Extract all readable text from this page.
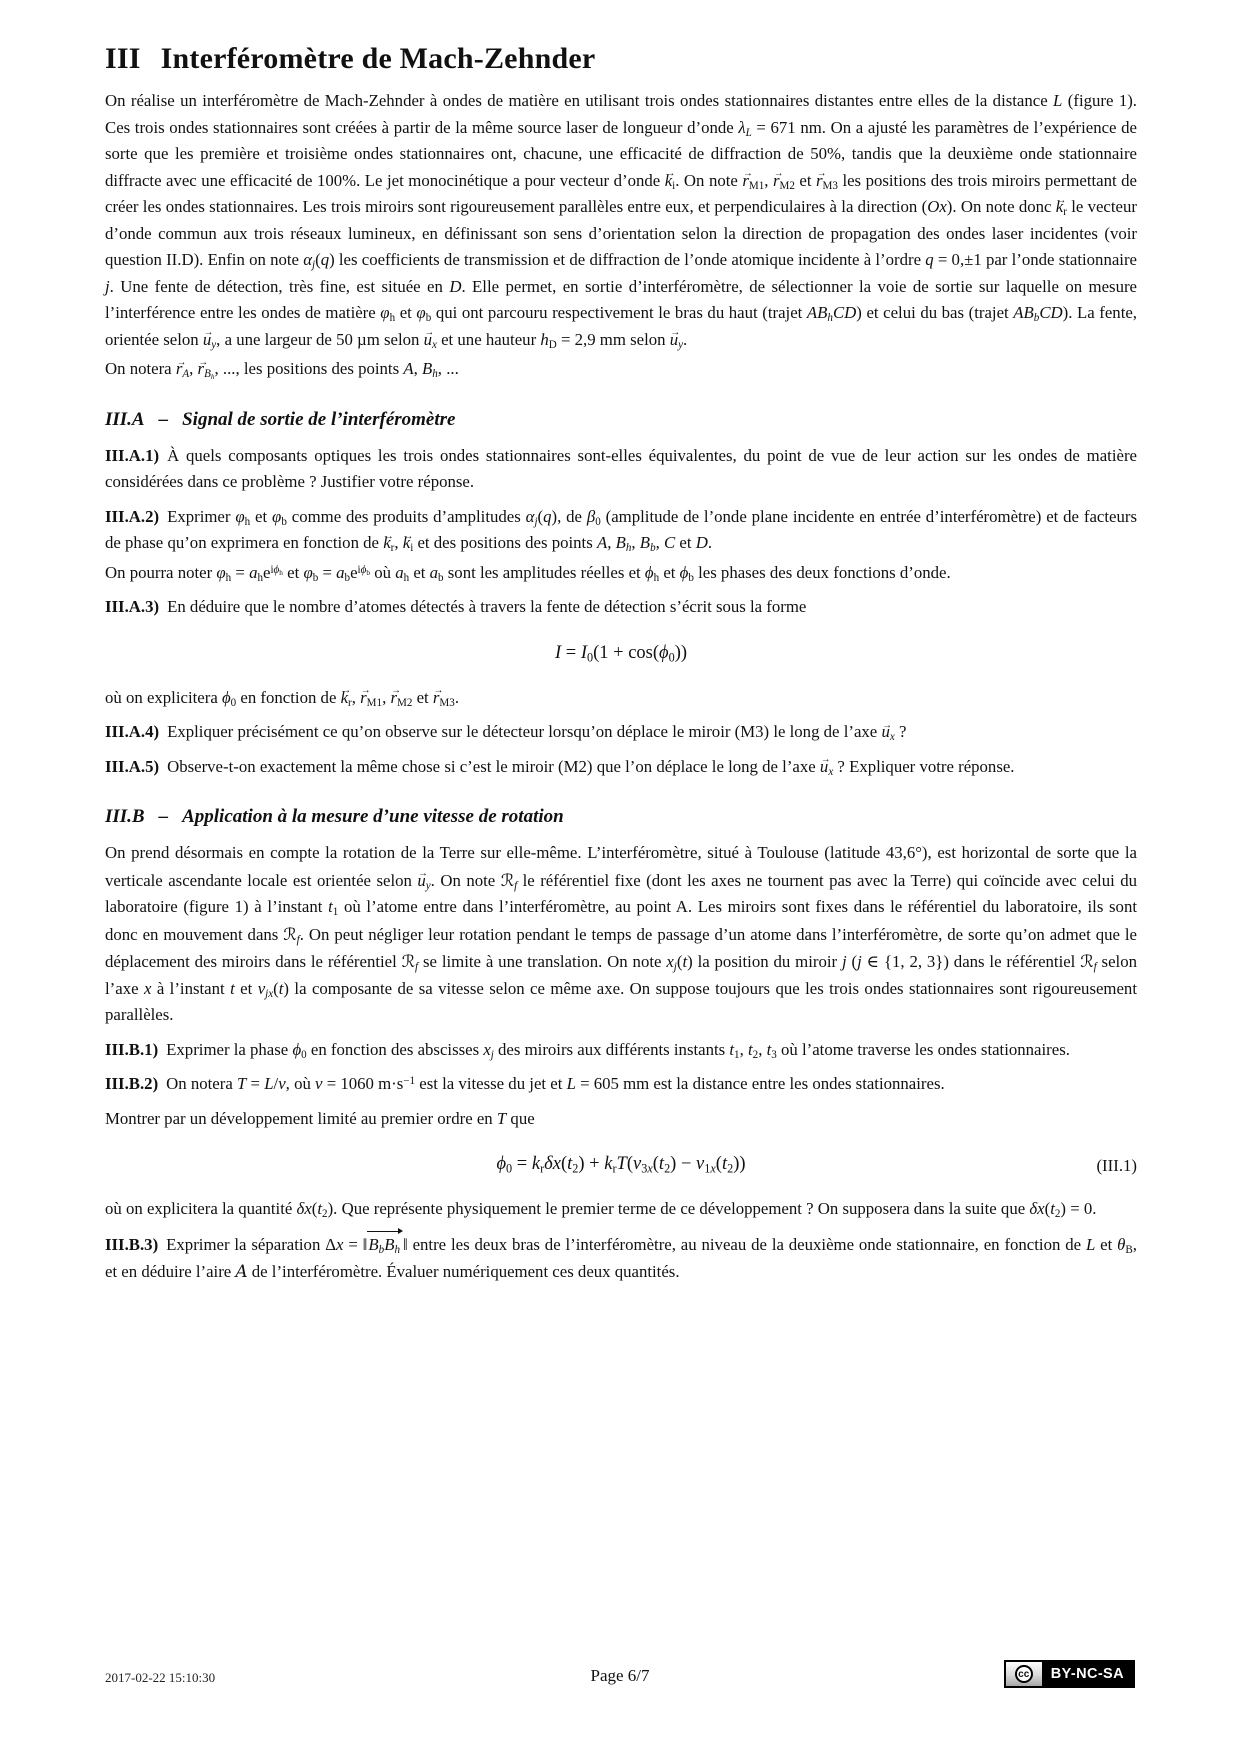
III Interféromètre de Mach-Zehnder

On réalise un interféromètre de Mach-Zehnder à ondes de matière en utilisant trois ondes stationnaires distantes entre elles de la distance L (figure 1). Ces trois ondes stationnaires sont créées à partir de la même source laser de longueur d’onde $\lambda_L = 671$ nm. On a ajusté les paramètres de l’expérience de sorte que les première et troisième ondes stationnaires ont, chacune, une efficacité de diffraction de 50%, tandis que la deuxième onde stationnaire diffracte avec une efficacité de 100%. Le jet monocinétique a pour vecteur d’onde → $k_i$. On note → $r_{M1}$, → $r_{M2}$ et → $r_{M3}$ les positions des trois miroirs permettant de créer les ondes stationnaires. Les trois miroirs sont rigoureusement parallèles entre eux, et perpendiculaires à la direction (Ox). On note donc → $k_r$ le vecteur d’onde commun aux trois réseaux lumineux, en définissant son sens d’orientation selon la direction de propagation des ondes laser incidentes (voir question II.D). Enfin on note $\alpha_j(q)$ les coefficients de transmission et de diffraction de l’onde atomique incidente à l’ordre q = 0,±1 par l’onde stationnaire j. Une fente de détection, très fine, est située en D. Elle permet, en sortie d’interféromètre, de sélectionner la voie de sortie sur laquelle on mesure l’interférence entre les ondes de matière $\varphi_h$ et $\varphi_b$ qui ont parcouru respectivement le bras du haut (trajet $AB_hCD$) et celui du bas (trajet $AB_bCD$). La fente, orientée selon → $u_y$, a une largeur de 50 µm selon → $u_x$ et une hauteur $h_D = 2,9$ mm selon → $u_y$.

On notera → $r_A$, → $r_{B_h}$, ..., les positions des points A, $B_h$, ...

III.A – Signal de sortie de l’interféromètre

III.A.1) À quels composants optiques les trois ondes stationnaires sont-elles équivalentes, du point de vue de leur action sur les ondes de matière considérées dans ce problème ? Justifier votre réponse.

III.A.2) Exprimer $\varphi_h$ et $\varphi_b$ comme des produits d’amplitudes $\alpha_j(q)$, de $\beta_0$ (amplitude de l’onde plane incidente en entrée d’interféromètre) et de facteurs de phase qu’on exprimera en fonction de → $k_r$, → $k_i$ et des positions des points A, $B_h$, $B_b$, C et D.

On pourra noter $\varphi_h = a_he^{i\phi_h}$ et $\varphi_b = a_be^{i\phi_b}$ où $a_h$ et $a_b$ sont les amplitudes réelles et $\phi_h$ et $\phi_b$ les phases des deux fonctions d’onde.

III.A.3) En déduire que le nombre d’atomes détectés à travers la fente de détection s’écrit sous la forme

$I = I_0(1 + \cos(\phi_0))$

où on explicitera $\phi_0$ en fonction de → $k_r$, → $r_{M1}$, → $r_{M2}$ et → $r_{M3}$.

III.A.4) Expliquer précisément ce qu’on observe sur le détecteur lorsqu’on déplace le miroir (M3) le long de l’axe → $u_x$ ?

III.A.5) Observe-t-on exactement la même chose si c’est le miroir (M2) que l’on déplace le long de l’axe → $u_x$ ? Expliquer votre réponse.

III.B – Application à la mesure d’une vitesse de rotation

On prend désormais en compte la rotation de la Terre sur elle-même. L’interféromètre, situé à Toulouse (latitude 43,6°), est horizontal de sorte que la verticale ascendante locale est orientée selon → $u_y$. On note ℛ$_f$ le référentiel fixe (dont les axes ne tournent pas avec la Terre) qui coïncide avec celui du laboratoire (figure 1) à l’instant $t_1$ où l’atome entre dans l’interféromètre, au point A. Les miroirs sont fixes dans le référentiel du laboratoire, ils sont donc en mouvement dans ℛ$_f$. On peut négliger leur rotation pendant le temps de passage d’un atome dans l’interféromètre, de sorte qu’on admet que le déplacement des miroirs dans le référentiel ℛ$_f$ se limite à une translation. On note $x_j(t)$ la position du miroir j (j ∈ {1, 2, 3}) dans le référentiel ℛ$_f$ selon l’axe x à l’instant t et $v_{jx}(t)$ la composante de sa vitesse selon ce même axe. On suppose toujours que les trois ondes stationnaires sont rigoureusement parallèles.

III.B.1) Exprimer la phase $\phi_0$ en fonction des abscisses $x_j$ des miroirs aux différents instants $t_1$, $t_2$, $t_3$ où l’atome traverse les ondes stationnaires.

III.B.2) On notera T = L/v, où v = 1060 $m\cdot s^{-1}$ est la vitesse du jet et L = 605 mm est la distance entre les ondes stationnaires.

Montrer par un développement limité au premier ordre en T que

$\phi_0 = k_r\delta x(t_2) + k_rT(v_{3x}(t_2) - v_{1x}(t_2))$	(III.1)

où on explicitera la quantité $\delta x(t_2)$. Que représente physiquement le premier terme de ce développement ? On supposera dans la suite que $\delta x(t_2) = 0$.

III.B.3) Exprimer la séparation $\Delta x = ‖B_bB_h$ ‖ entre les deux bras de l’interféromètre, au niveau de la deuxième onde stationnaire, en fonction de L et $\theta_B$, et en déduire l’aire A de l’interféromètre. Évaluer numériquement ces deux quantités.

2017-02-22 15:10:30	Page 6/7	cc	BY-NC-SA
